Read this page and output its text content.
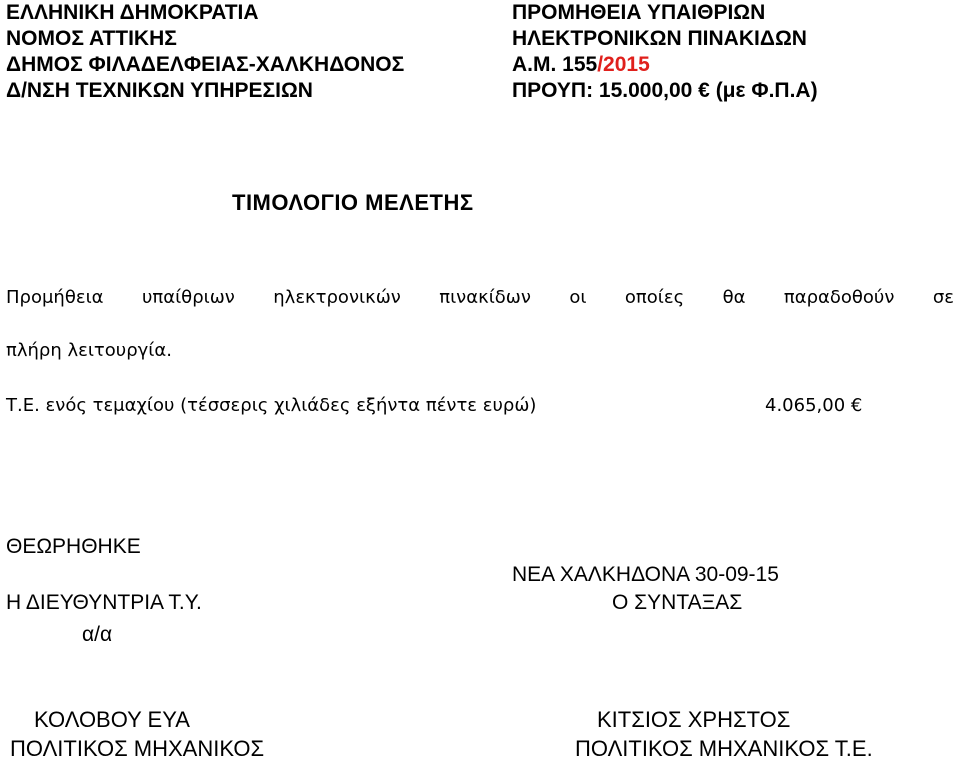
ΕΛΛΗΝΙΚΗ ΔΗΜΟΚΡΑΤΙΑ
ΝΟΜΟΣ ΑΤΤΙΚΗΣ
ΔΗΜΟΣ ΦΙΛΑΔΕΛΦΕΙΑΣ-ΧΑΛΚΗΔΟΝΟΣ
Δ/ΝΣΗ ΤΕΧΝΙΚΩΝ ΥΠΗΡΕΣΙΩΝ
ΠΡΟΜΗΘΕΙΑ ΥΠΑΙΘΡΙΩΝ
ΗΛΕΚΤΡΟΝΙΚΩΝ ΠΙΝΑΚΙΔΩΝ
Α.Μ. 155/2015
ΠΡΟΥΠ: 15.000,00 € (με Φ.Π.Α)
ΤΙΜΟΛΟΓΙΟ ΜΕΛΕΤΗΣ
Προμήθεια υπαίθριων ηλεκτρονικών πινακίδων οι οποίες θα παραδοθούν σε
πλήρη λειτουργία.
Τ.Ε. ενός τεμαχίου (τέσσερις χιλιάδες εξήντα πέντε ευρώ)	4.065,00 €
ΘΕΩΡΗΘΗΚΕ
ΝΕΑ ΧΑΛΚΗΔΟΝΑ 30-09-15
Η ΔΙΕΥΘΥΝΤΡΙΑ Τ.Υ.	Ο ΣΥΝΤΑΞΑΣ
α/α
ΚΟΛΟΒΟΥ ΕΥΑ
ΠΟΛΙΤΙΚΟΣ ΜΗΧΑΝΙΚΟΣ
ΚΙΤΣΙΟΣ ΧΡΗΣΤΟΣ
ΠΟΛΙΤΙΚΟΣ ΜΗΧΑΝΙΚΟΣ Τ.Ε.
